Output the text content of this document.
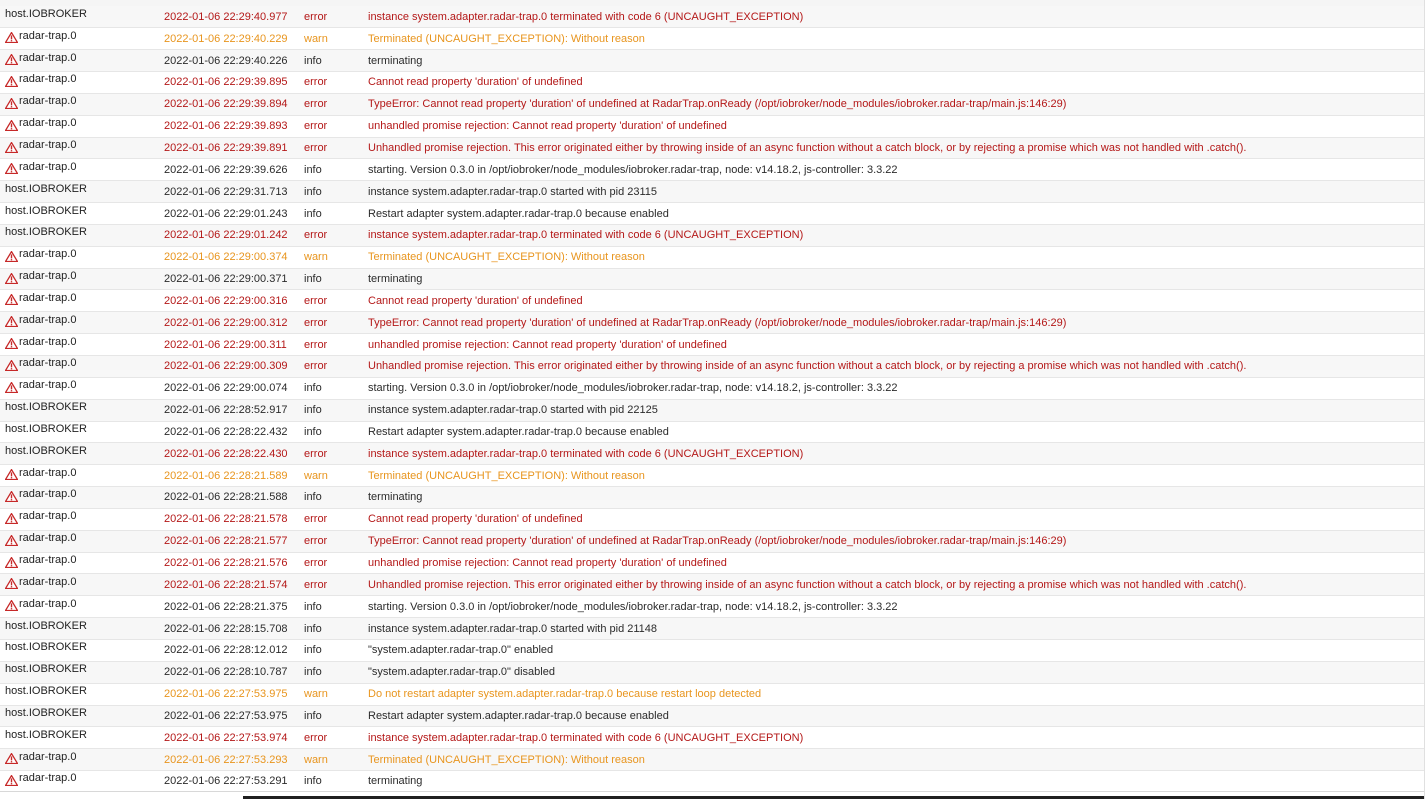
host.IOBROKER	2022-01-06 22:29:40.977	error	instance system.adapter.radar-trap.0 terminated with code 6 (UNCAUGHT_EXCEPTION)
radar-trap.0	2022-01-06 22:29:40.229	warn	Terminated (UNCAUGHT_EXCEPTION): Without reason
radar-trap.0	2022-01-06 22:29:40.226	info	terminating
radar-trap.0	2022-01-06 22:29:39.895	error	Cannot read property 'duration' of undefined
radar-trap.0	2022-01-06 22:29:39.894	error	TypeError: Cannot read property 'duration' of undefined at RadarTrap.onReady (/opt/iobroker/node_modules/iobroker.radar-trap/main.js:146:29)
radar-trap.0	2022-01-06 22:29:39.893	error	unhandled promise rejection: Cannot read property 'duration' of undefined
radar-trap.0	2022-01-06 22:29:39.891	error	Unhandled promise rejection. This error originated either by throwing inside of an async function without a catch block, or by rejecting a promise which was not handled with .catch().
radar-trap.0	2022-01-06 22:29:39.626	info	starting. Version 0.3.0 in /opt/iobroker/node_modules/iobroker.radar-trap, node: v14.18.2, js-controller: 3.3.22
host.IOBROKER	2022-01-06 22:29:31.713	info	instance system.adapter.radar-trap.0 started with pid 23115
host.IOBROKER	2022-01-06 22:29:01.243	info	Restart adapter system.adapter.radar-trap.0 because enabled
host.IOBROKER	2022-01-06 22:29:01.242	error	instance system.adapter.radar-trap.0 terminated with code 6 (UNCAUGHT_EXCEPTION)
radar-trap.0	2022-01-06 22:29:00.374	warn	Terminated (UNCAUGHT_EXCEPTION): Without reason
radar-trap.0	2022-01-06 22:29:00.371	info	terminating
radar-trap.0	2022-01-06 22:29:00.316	error	Cannot read property 'duration' of undefined
radar-trap.0	2022-01-06 22:29:00.312	error	TypeError: Cannot read property 'duration' of undefined at RadarTrap.onReady (/opt/iobroker/node_modules/iobroker.radar-trap/main.js:146:29)
radar-trap.0	2022-01-06 22:29:00.311	error	unhandled promise rejection: Cannot read property 'duration' of undefined
radar-trap.0	2022-01-06 22:29:00.309	error	Unhandled promise rejection. This error originated either by throwing inside of an async function without a catch block, or by rejecting a promise which was not handled with .catch().
radar-trap.0	2022-01-06 22:29:00.074	info	starting. Version 0.3.0 in /opt/iobroker/node_modules/iobroker.radar-trap, node: v14.18.2, js-controller: 3.3.22
host.IOBROKER	2022-01-06 22:28:52.917	info	instance system.adapter.radar-trap.0 started with pid 22125
host.IOBROKER	2022-01-06 22:28:22.432	info	Restart adapter system.adapter.radar-trap.0 because enabled
host.IOBROKER	2022-01-06 22:28:22.430	error	instance system.adapter.radar-trap.0 terminated with code 6 (UNCAUGHT_EXCEPTION)
radar-trap.0	2022-01-06 22:28:21.589	warn	Terminated (UNCAUGHT_EXCEPTION): Without reason
radar-trap.0	2022-01-06 22:28:21.588	info	terminating
radar-trap.0	2022-01-06 22:28:21.578	error	Cannot read property 'duration' of undefined
radar-trap.0	2022-01-06 22:28:21.577	error	TypeError: Cannot read property 'duration' of undefined at RadarTrap.onReady (/opt/iobroker/node_modules/iobroker.radar-trap/main.js:146:29)
radar-trap.0	2022-01-06 22:28:21.576	error	unhandled promise rejection: Cannot read property 'duration' of undefined
radar-trap.0	2022-01-06 22:28:21.574	error	Unhandled promise rejection. This error originated either by throwing inside of an async function without a catch block, or by rejecting a promise which was not handled with .catch().
radar-trap.0	2022-01-06 22:28:21.375	info	starting. Version 0.3.0 in /opt/iobroker/node_modules/iobroker.radar-trap, node: v14.18.2, js-controller: 3.3.22
host.IOBROKER	2022-01-06 22:28:15.708	info	instance system.adapter.radar-trap.0 started with pid 21148
host.IOBROKER	2022-01-06 22:28:12.012	info	"system.adapter.radar-trap.0" enabled
host.IOBROKER	2022-01-06 22:28:10.787	info	"system.adapter.radar-trap.0" disabled
host.IOBROKER	2022-01-06 22:27:53.975	warn	Do not restart adapter system.adapter.radar-trap.0 because restart loop detected
host.IOBROKER	2022-01-06 22:27:53.975	info	Restart adapter system.adapter.radar-trap.0 because enabled
host.IOBROKER	2022-01-06 22:27:53.974	error	instance system.adapter.radar-trap.0 terminated with code 6 (UNCAUGHT_EXCEPTION)
radar-trap.0	2022-01-06 22:27:53.293	warn	Terminated (UNCAUGHT_EXCEPTION): Without reason
radar-trap.0	2022-01-06 22:27:53.291	info	terminating
